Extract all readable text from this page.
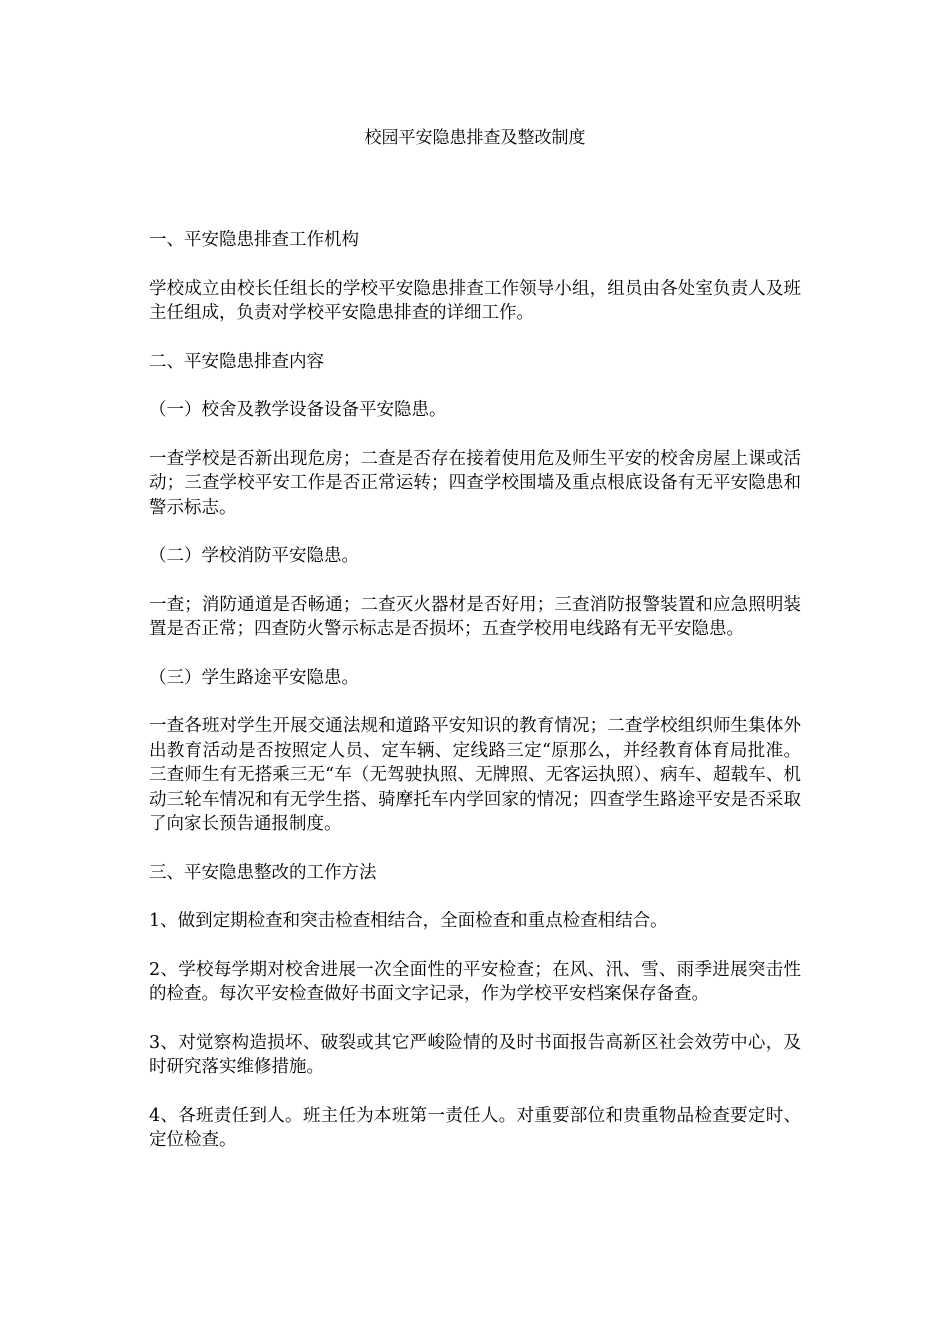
校园平安隐患排查及整改制度

一、平安隐患排查工作机构

学校成立由校长任组长的学校平安隐患排查工作领导小组，组员由各处室负责人及班主任组成，负责对学校平安隐患排查的详细工作。

二、平安隐患排查内容

（一）校舍及教学设备设备平安隐患。

一查学校是否新出现危房；二查是否存在接着使用危及师生平安的校舍房屋上课或活动；三查学校平安工作是否正常运转；四查学校围墙及重点根底设备有无平安隐患和警示标志。

（二）学校消防平安隐患。

一查；消防通道是否畅通；二查灭火器材是否好用；三查消防报警装置和应急照明装置是否正常；四查防火警示标志是否损坏；五查学校用电线路有无平安隐患。

（三）学生路途平安隐患。

一查各班对学生开展交通法规和道路平安知识的教育情况；二查学校组织师生集体外出教育活动是否按照定人员、定车辆、定线路三定“原那么，并经教育体育局批准。三查师生有无搭乘三无“车（无驾驶执照、无牌照、无客运执照）、病车、超载车、机动三轮车情况和有无学生搭、骑摩托车内学回家的情况；四查学生路途平安是否采取了向家长预告通报制度。

三、平安隐患整改的工作方法

1、做到定期检查和突击检查相结合，全面检查和重点检查相结合。

2、学校每学期对校舍进展一次全面性的平安检查；在风、汛、雪、雨季进展突击性的检查。每次平安检查做好书面文字记录，作为学校平安档案保存备查。

3、对觉察构造损坏、破裂或其它严峻险情的及时书面报告高新区社会效劳中心，及时研究落实维修措施。

4、各班责任到人。班主任为本班第一责任人。对重要部位和贵重物品检查要定时、定位检查。
